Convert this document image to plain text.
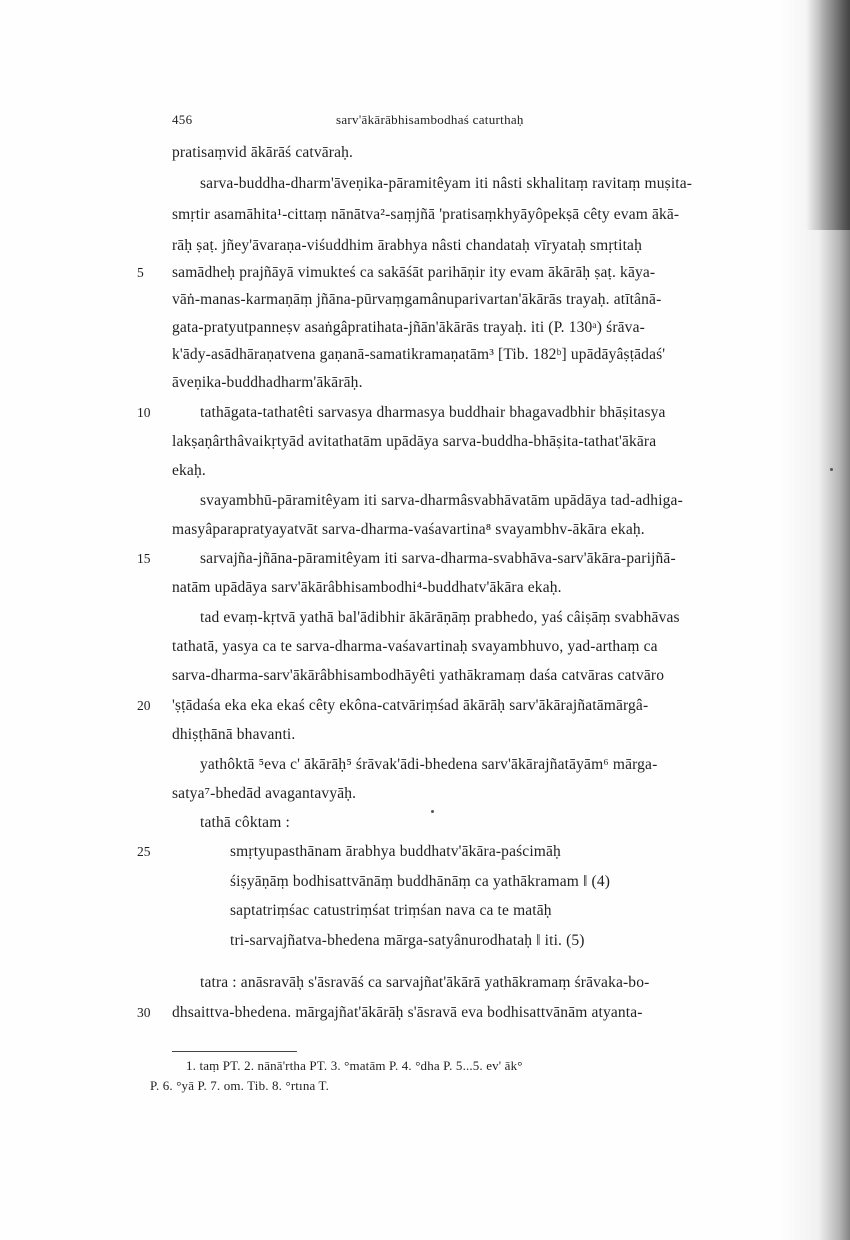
456	sarv'ākārābhisambodhaś caturthaḥ
pratisaṃvid ākārāś catvāraḥ.
sarva-buddha-dharm'āveṇika-pāramitêyam iti nâsti skhalitaṃ ravitaṃ muṣita-
smṛtir asamāhita¹-cittaṃ nānātva²-saṃjñā 'pratisaṃkhyāyôpekṣā cêty evam ākā-
rāḥ ṣaṭ. jñey'āvaraṇa-viśuddhim ārabhya nâsti chandataḥ vīryataḥ smṛtitaḥ
samādheḥ prajñāyā vimukteś ca sakāśāt parihāṇir ity evam ākārāḥ ṣaṭ. kāya-
vāṅ-manas-karmaṇāṃ jñāna-pūrvaṃgamânuparivartan'ākārās trayaḥ. atītânā-
gata-pratyutpanneṣv asaṅgâpratihata-jñān'ākārās trayaḥ. iti (P. 130ᵃ) śrāva-
k'ādy-asādhāraṇatvena gaṇanā-samatikramaṇatām³ [Tib. 182ᵇ] upādāyâṣṭādaś'
āveṇika-buddhadharm'ākārāḥ.
tathāgata-tathatêti sarvasya dharmasya buddhair bhagavadbhir bhāṣitasya
lakṣaṇârthâvaikṛtyād avitathatām upādāya sarva-buddha-bhāṣita-tathat'ākāra
ekaḥ.
svayambhū-pāramitêyam iti sarva-dharmâsvabhāvatām upādāya tad-adhiga-
masyâparapratyayatvāt sarva-dharma-vaśavartina⁸ svayambhv-ākāra ekaḥ.
sarvajña-jñāna-pāramitêyam iti sarva-dharma-svabhāva-sarv'ākāra-parijñā-
natām upādāya sarv'ākārâbhisambodhi⁴-buddhatv'ākāra ekaḥ.
tad evaṃ-kṛtvā yathā bal'ādibhir ākārāṇāṃ prabhedo, yaś câiṣāṃ svabhāvas
tathatā, yasya ca te sarva-dharma-vaśavartinaḥ svayambhuvo, yad-arthaṃ ca
sarva-dharma-sarv'ākārâbhisambodhāyêti yathākramaṃ daśa catvāras catvāro
'ṣṭādaśa eka eka ekaś cêty ekôna-catvāriṃśad ākārāḥ sarv'ākārajñatāmārgâ-
dhiṣṭhānā bhavanti.
yathôktā ⁵eva c' ākārāḥ⁵ śrāvak'ādi-bhedena sarv'ākārajñatāyām⁶ mārga-
satya⁷-bhedād avagantavyāḥ.
tathā côktam :
smṛtyupasthānam ārabhya buddhatv'ākāra-paścimāḥ
śiṣyāṇāṃ bodhisattvānāṃ buddhānāṃ ca yathākramam ‖ (4)
saptatriṃśac catustriṃśat triṃśan nava ca te matāḥ
tri-sarvajñatva-bhedena mārga-satyânurodhataḥ ‖ iti. (5)
tatra : anāsravāḥ s'āsravāś ca sarvajñat'ākārā yathākramaṃ śrāvaka-bo-
dhsaittva-bhedena. mārgajñat'ākārāḥ s'āsravā eva bodhisattvānām atyanta-
5
10
15
20
25
30
1. taṃ PT. 2. nānā'rtha PT. 3. °matām P. 4. °dha P. 5...5. ev' āk°
P. 6. °yā P. 7. om. Tib. 8. °rtına T.
